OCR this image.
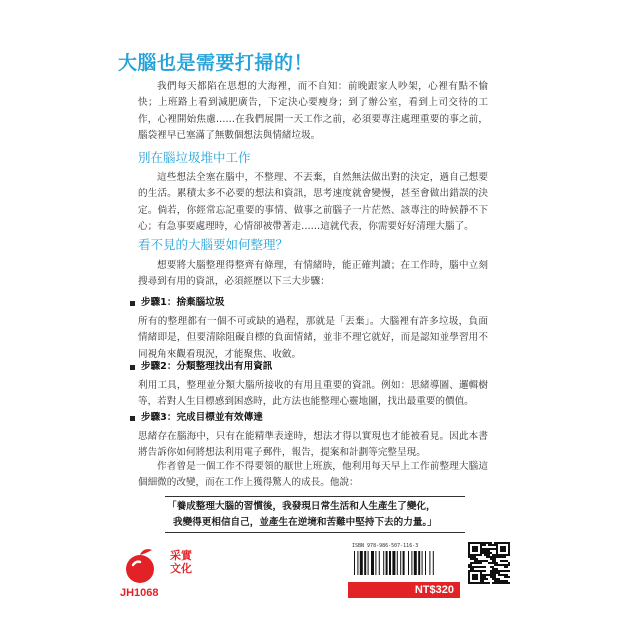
大腦也是需要打掃的！

我們每天都陷在思想的大海裡，而不自知：前晚跟家人吵架，心裡有點不愉快；上班路上看到減肥廣告，下定決心要瘦身；到了辦公室，看到上司交待的工作，心裡開始焦慮……在我們展開一天工作之前，必須要專注處理重要的事之前，腦袋裡早已塞滿了無數個想法與情緒垃圾。

別在腦垃圾堆中工作

這些想法全塞在腦中，不整理、不丟棄，自然無法做出對的決定，過自己想要的生活。累積太多不必要的想法和資訊，思考速度就會變慢，甚至會做出錯誤的決定。倘若，你經常忘記重要的事情、做事之前腦子一片茫然、該專注的時候靜不下心；有急事要處理時，心情卻被帶著走……這就代表，你需要好好清理大腦了。

看不見的大腦要如何整理？

想要將大腦整理得整齊有條理，有情緒時，能正確判讀；在工作時，腦中立刻搜尋到有用的資訊，必須經歷以下三大步驟：

步驟1：捨棄腦垃圾

所有的整理都有一個不可或缺的過程，那就是「丟棄」。大腦裡有許多垃圾，負面情緒即是，但要清除阻礙自標的負面情緒，並非不理它就好，而是認知並學習用不同視角來觀看現況，才能聚焦、收斂。

步驟2：分類整理找出有用資訊

利用工具，整理並分類大腦所接收的有用且重要的資訊。例如：思緒導圖、邏輯樹等，若對人生目標感到困惑時，此方法也能整理心靈地圖，找出最重要的價值。

步驟3：完成目標並有效傳達

思緒存在腦海中，只有在能精準表達時，想法才得以實現也才能被看見。因此本書將告訴你如何將想法利用電子郵件，報告，提案和計劃等完整呈現。

作者曾是一個工作不得要領的厭世上班族，他利用每天早上工作前整理大腦這個細微的改變，而在工作上獲得驚人的成長。他說：

「養成整理大腦的習慣後，我發現日常生活和人生產生了變化，
我變得更相信自己，並產生在逆境和苦難中堅持下去的力量。」

采實
文化
JH1068
ISBN 978-986-507-116-3
NT$320
